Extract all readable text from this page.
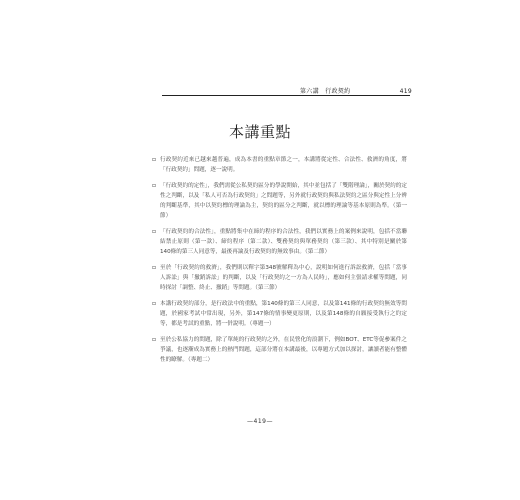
第六講　行政契約	419
本講重點
▫ 行政契約近來已越來越普遍，成為本書的重點章節之一，本講將從定性、合法性、救濟的角度，將「行政契約」問題，逐一說明。
▫ 「行政契約的定性」，我們需從公私契約區分的學說開始，其中並包括了「雙階理論」，關於契約的定性之判斷，以及「私人可否為行政契約」之問題等，另外就行政契約與私法契約之區分與定性上分辨的判斷基準，其中以契約標的理論為主，契約的區分之判斷，就以標的理論等基本原則為準。（第一節）
▫ 「行政契約的合法性」，重點將集中在締約程序的合法性，我們以實務上的案例來說明，包括不當聯結禁止原則（第一款）、締約程序（第二款）、雙務契約與單務契約（第三款）、其中特別是關於第140條的第三人同意等，最後再論及行政契約的無效事由。（第二節）
▫ 至於「行政契約的救濟」，我們則以釋字第348號解釋為中心，說明如何進行訴訟救濟，包括「當事人訴訟」與「撤銷訴訟」的判斷，以及「行政契約之一方為人民時」，應如何主張請求權等問題，同時探討「調整、終止、撤銷」等問題。（第三節）
▫ 本講行政契約部分，是行政法中的重點，第140條的第三人同意，以及第141條的行政契約無效等問題，於國家考試中常出現，另外，第147條的情事變更原則，以及第148條的自願接受執行之約定等，都是考試的重點，將一併說明。（專題一）
▫ 至於公私協力的問題，除了單純的行政契約之外，在民營化的浪潮下，例如BOT、ETC等促參案件之爭議，也逐漸成為實務上的熱門問題，這部分將在本講最後，以專題方式加以探討，讓讀者能有整體性的瞭解。（專題二）
—419—
